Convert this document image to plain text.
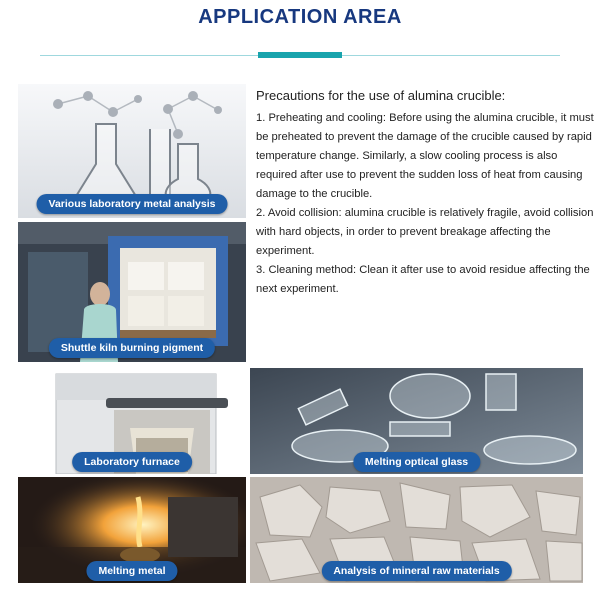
APPLICATION AREA
Various laboratory metal analysis
Shuttle kiln burning pigment
Precautions for the use of alumina crucible:

1. Preheating and cooling: Before using the alumina crucible, it must be preheated to prevent the damage of the crucible caused by rapid temperature change. Similarly, a slow cooling process is also required after use to prevent the sudden loss of heat from causing damage to the crucible.

2. Avoid collision: alumina crucible is relatively fragile, avoid collision with hard objects, in order to prevent breakage affecting the experiment.

3. Cleaning method: Clean it after use to avoid residue affecting the next experiment.

Laboratory furnace	Melting optical glass
Melting metal	Analysis of mineral raw materials
